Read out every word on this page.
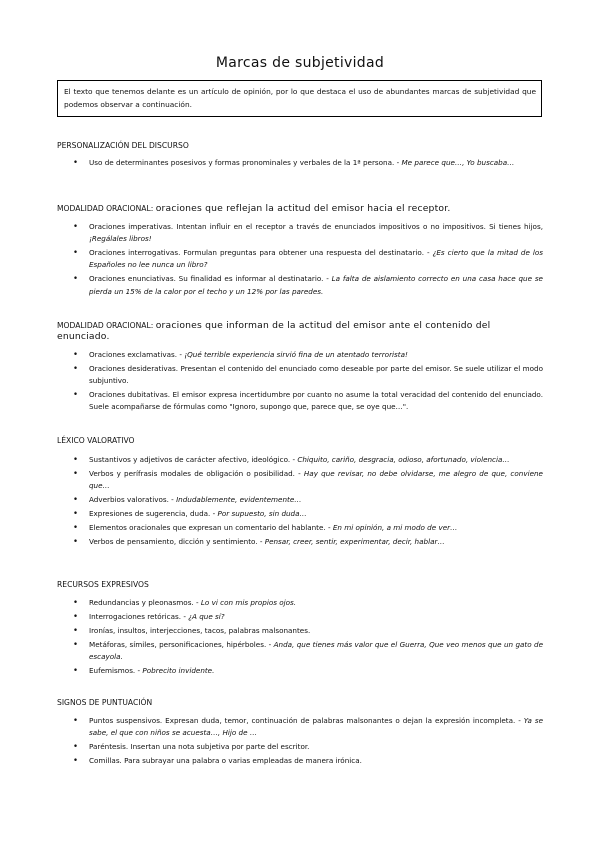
Marcas de subjetividad
El texto que tenemos delante es un artículo de opinión, por lo que destaca el uso de abundantes marcas de subjetividad que podemos observar a continuación.
PERSONALIZACIÓN DEL DISCURSO
• Uso de determinantes posesivos y formas pronominales y verbales de la 1ª persona. - Me parece que…, Yo buscaba…
MODALIDAD ORACIONAL: oraciones que reflejan la actitud del emisor hacia el receptor.
• Oraciones imperativas. Intentan influir en el receptor a través de enunciados impositivos o no impositivos. Si tienes hijos, ¡Regálales libros!
• Oraciones interrogativas. Formulan preguntas para obtener una respuesta del destinatario. - ¿Es cierto que la mitad de los Españoles no lee nunca un libro?
• Oraciones enunciativas. Su finalidad es informar al destinatario. - La falta de aislamiento correcto en una casa hace que se pierda un 15% de la calor por el techo y un 12% por las paredes.
MODALIDAD ORACIONAL: oraciones que informan de la actitud del emisor ante el contenido del enunciado.
• Oraciones exclamativas. - ¡Qué terrible experiencia sirvió fina de un atentado terrorista!
• Oraciones desiderativas. Presentan el contenido del enunciado como deseable por parte del emisor. Se suele utilizar el modo subjuntivo.
• Oraciones dubitativas. El emisor expresa incertidumbre por cuanto no asume la total veracidad del contenido del enunciado. Suele acompañarse de fórmulas como "Ignoro, supongo que, parece que, se oye que…".
LÉXICO VALORATIVO
• Sustantivos y adjetivos de carácter afectivo, ideológico. - Chiquito, cariño, desgracia, odioso, afortunado, violencia…
• Verbos y perífrasis modales de obligación o posibilidad. - Hay que revisar, no debe olvidarse, me alegro de que, conviene que…
• Adverbios valorativos. - Indudablemente, evidentemente…
• Expresiones de sugerencia, duda. - Por supuesto, sin duda…
• Elementos oracionales que expresan un comentario del hablante. - En mi opinión, a mi modo de ver…
• Verbos de pensamiento, dicción y sentimiento. - Pensar, creer, sentir, experimentar, decir, hablar…
RECURSOS EXPRESIVOS
• Redundancias y pleonasmos. - Lo vi con mis propios ojos.
• Interrogaciones retóricas. - ¿A que sí?
• Ironías, insultos, interjecciones, tacos, palabras malsonantes.
• Metáforas, símiles, personificaciones, hipérboles. - Anda, que tienes más valor que el Guerra, Que veo menos que un gato de escayola.
• Eufemismos. - Pobrecito invidente.
SIGNOS DE PUNTUACIÓN
• Puntos suspensivos. Expresan duda, temor, continuación de palabras malsonantes o dejan la expresión incompleta. - Ya se sabe, el que con niños se acuesta…, Hijo de …
• Paréntesis. Insertan una nota subjetiva por parte del escritor.
• Comillas. Para subrayar una palabra o varias empleadas de manera irónica.
